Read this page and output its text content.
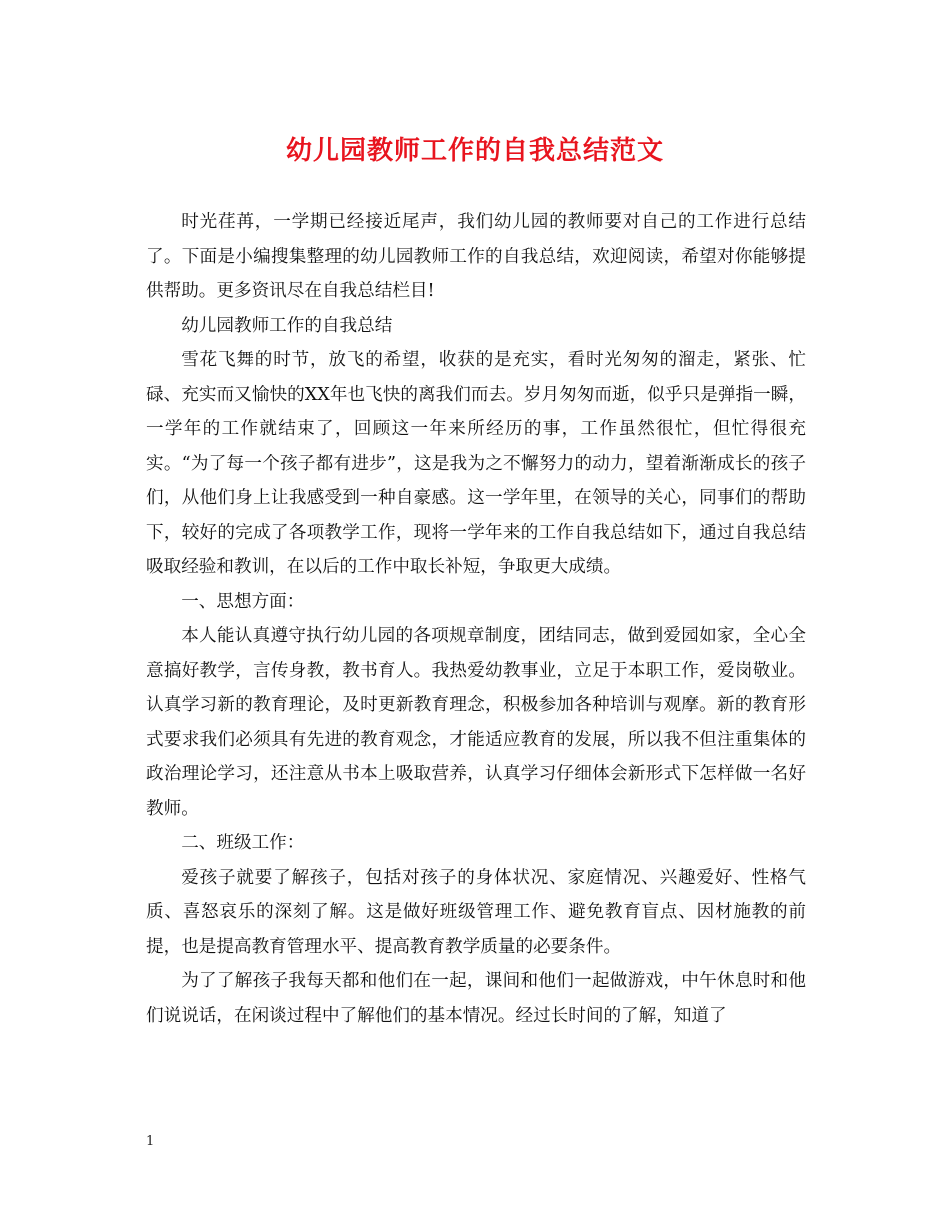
幼儿园教师工作的自我总结范文

时光荏苒，一学期已经接近尾声，我们幼儿园的教师要对自己的工作进行总结了。下面是小编搜集整理的幼儿园教师工作的自我总结，欢迎阅读，希望对你能够提供帮助。更多资讯尽在自我总结栏目!

幼儿园教师工作的自我总结

雪花飞舞的时节，放飞的希望，收获的是充实，看时光匆匆的溜走，紧张、忙碌、充实而又愉快的XX年也飞快的离我们而去。岁月匆匆而逝，似乎只是弹指一瞬，一学年的工作就结束了，回顾这一年来所经历的事，工作虽然很忙，但忙得很充实。“为了每一个孩子都有进步”，这是我为之不懈努力的动力，望着渐渐成长的孩子们，从他们身上让我感受到一种自豪感。这一学年里，在领导的关心，同事们的帮助下，较好的完成了各项教学工作，现将一学年来的工作自我总结如下，通过自我总结吸取经验和教训，在以后的工作中取长补短，争取更大成绩。

一、思想方面：

本人能认真遵守执行幼儿园的各项规章制度，团结同志，做到爱园如家，全心全意搞好教学，言传身教，教书育人。我热爱幼教事业，立足于本职工作，爱岗敬业。认真学习新的教育理论，及时更新教育理念，积极参加各种培训与观摩。新的教育形式要求我们必须具有先进的教育观念，才能适应教育的发展，所以我不但注重集体的政治理论学习，还注意从书本上吸取营养，认真学习仔细体会新形式下怎样做一名好教师。

二、班级工作：

爱孩子就要了解孩子，包括对孩子的身体状况、家庭情况、兴趣爱好、性格气质、喜怒哀乐的深刻了解。这是做好班级管理工作、避免教育盲点、因材施教的前提，也是提高教育管理水平、提高教育教学质量的必要条件。

为了了解孩子我每天都和他们在一起，课间和他们一起做游戏，中午休息时和他们说说话，在闲谈过程中了解他们的基本情况。经过长时间的了解，知道了

1
